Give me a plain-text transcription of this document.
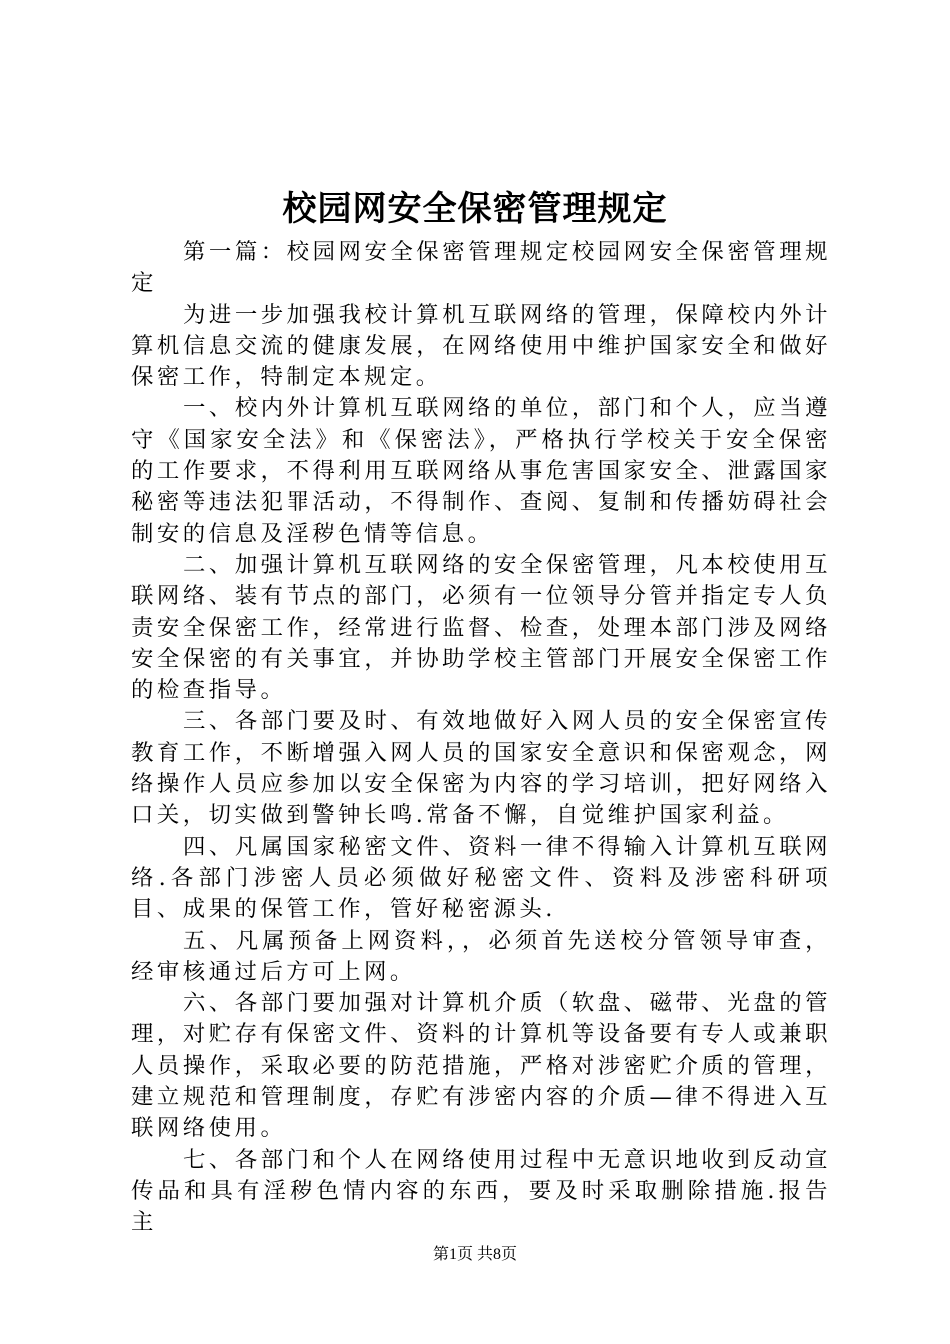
校园网安全保密管理规定

第一篇：校园网安全保密管理规定校园网安全保密管理规定

为进一步加强我校计算机互联网络的管理，保障校内外计算机信息交流的健康发展，在网络使用中维护国家安全和做好保密工作，特制定本规定。

一、校内外计算机互联网络的单位，部门和个人，应当遵守《国家安全法》和《保密法》，严格执行学校关于安全保密的工作要求，不得利用互联网络从事危害国家安全、泄露国家秘密等违法犯罪活动，不得制作、查阅、复制和传播妨碍社会制安的信息及淫秽色情等信息。

二、加强计算机互联网络的安全保密管理，凡本校使用互联网络、装有节点的部门，必须有一位领导分管并指定专人负责安全保密工作，经常进行监督、检查，处理本部门涉及网络安全保密的有关事宜，并协助学校主管部门开展安全保密工作的检查指导。

三、各部门要及时、有效地做好入网人员的安全保密宣传教育工作，不断增强入网人员的国家安全意识和保密观念，网络操作人员应参加以安全保密为内容的学习培训，把好网络入口关，切实做到警钟长鸣.常备不懈，自觉维护国家利益。

四、凡属国家秘密文件、资料一律不得输入计算机互联网络.各部门涉密人员必须做好秘密文件、资料及涉密科研项目、成果的保管工作，管好秘密源头.

五、凡属预备上网资料，，必须首先送校分管领导审查，经审核通过后方可上网。

六、各部门要加强对计算机介质（软盘、磁带、光盘的管理，对贮存有保密文件、资料的计算机等设备要有专人或兼职人员操作，采取必要的防范措施，严格对涉密贮介质的管理，建立规范和管理制度，存贮有涉密内容的介质—律不得进入互联网络使用。

七、各部门和个人在网络使用过程中无意识地收到反动宣传品和具有淫秽色情内容的东西，要及时采取删除措施.报告主

第1页 共8页
